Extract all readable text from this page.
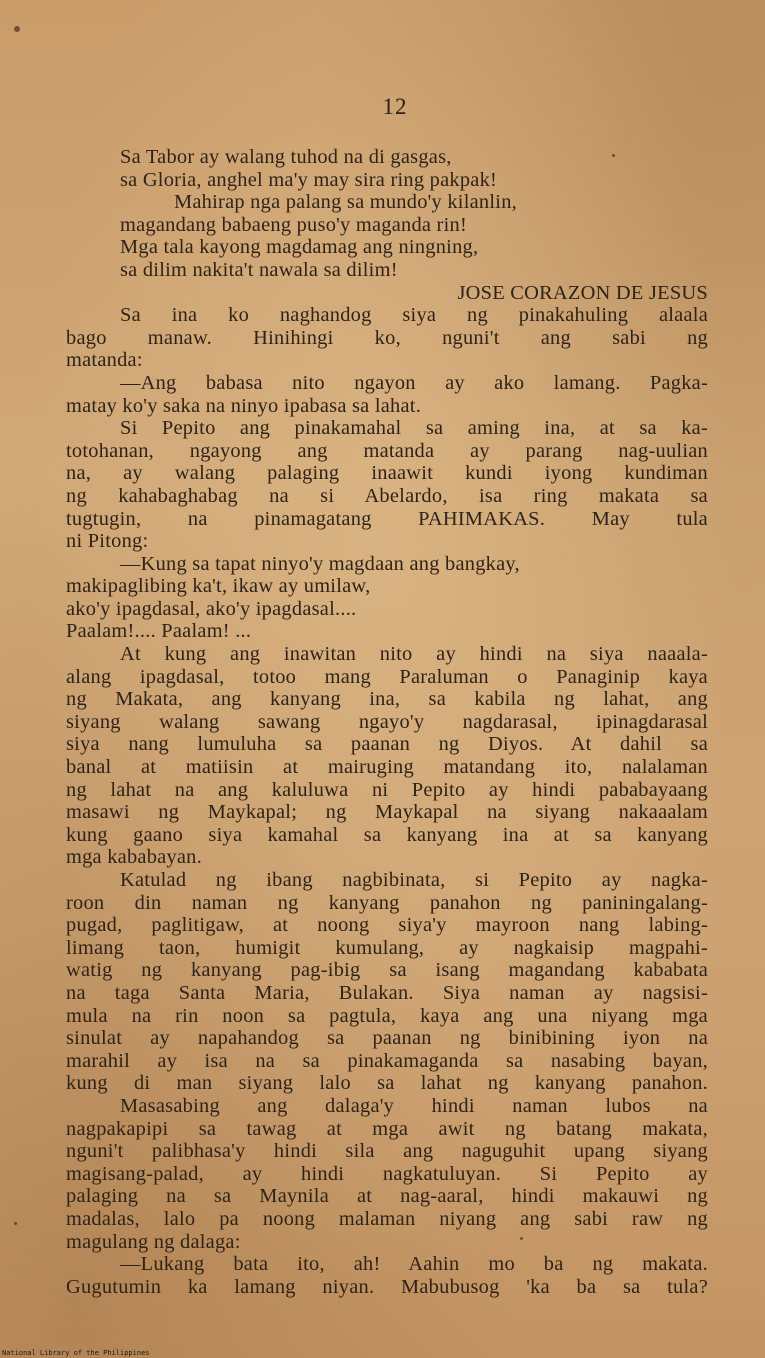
12
Sa Tabor ay walang tuhod na di gasgas,
sa Gloria, anghel ma'y may sira ring pakpak!
Mahirap nga palang sa mundo'y kilanlin,
magandang babaeng puso'y maganda rin!
Mga tala kayong magdamag ang ningning,
sa dilim nakita't nawala sa dilim!
JOSE CORAZON DE JESUS
Sa ina ko naghandog siya ng pinakahuling alaala
bago manaw. Hinihingi ko, nguni't ang sabi ng
matanda:
—Ang babasa nito ngayon ay ako lamang. Pagka-
matay ko'y saka na ninyo ipabasa sa lahat.
Si Pepito ang pinakamahal sa aming ina, at sa ka-
totohanan, ngayong ang matanda ay parang nag-uulian
na, ay walang palaging inaawit kundi iyong kundiman
ng kahabaghabag na si Abelardo, isa ring makata sa
tugtugin, na pinamagatang PAHIMAKAS. May tula
ni Pitong:
—Kung sa tapat ninyo'y magdaan ang bangkay,
makipaglibing ka't, ikaw ay umilaw,
ako'y ipagdasal, ako'y ipagdasal....
Paalam!.... Paalam! ...
At kung ang inawitan nito ay hindi na siya naaala-
alang ipagdasal, totoo mang Paraluman o Panaginip kaya
ng Makata, ang kanyang ina, sa kabila ng lahat, ang
siyang walang sawang ngayo'y nagdarasal, ipinagdarasal
siya nang lumuluha sa paanan ng Diyos. At dahil sa
banal at matiisin at mairuging matandang ito, nalalaman
ng lahat na ang kaluluwa ni Pepito ay hindi pababayaang
masawi ng Maykapal; ng Maykapal na siyang nakaaalam
kung gaano siya kamahal sa kanyang ina at sa kanyang
mga kababayan.
Katulad ng ibang nagbibinata, si Pepito ay nagka-
roon din naman ng kanyang panahon ng paniningalang-
pugad, paglitigaw, at noong siya'y mayroon nang labing-
limang taon, humigit kumulang, ay nagkaisip magpahi-
watig ng kanyang pag-ibig sa isang magandang kababata
na taga Santa Maria, Bulakan. Siya naman ay nagsisi-
mula na rin noon sa pagtula, kaya ang una niyang mga
sinulat ay napahandog sa paanan ng binibining iyon na
marahil ay isa na sa pinakamaganda sa nasabing bayan,
kung di man siyang lalo sa lahat ng kanyang panahon.
Masasabing ang dalaga'y hindi naman lubos na
nagpakapipi sa tawag at mga awit ng batang makata,
nguni't palibhasa'y hindi sila ang naguguhit upang siyang
magisang-palad, ay hindi nagkatuluyan. Si Pepito ay
palaging na sa Maynila at nag-aaral, hindi makauwi ng
madalas, lalo pa noong malaman niyang ang sabi raw ng
magulang ng dalaga:
—Lukang bata ito, ah! Aahin mo ba ng makata.
Gugutumin ka lamang niyan. Mabubusog 'ka ba sa tula?
National Library of the Philippines
